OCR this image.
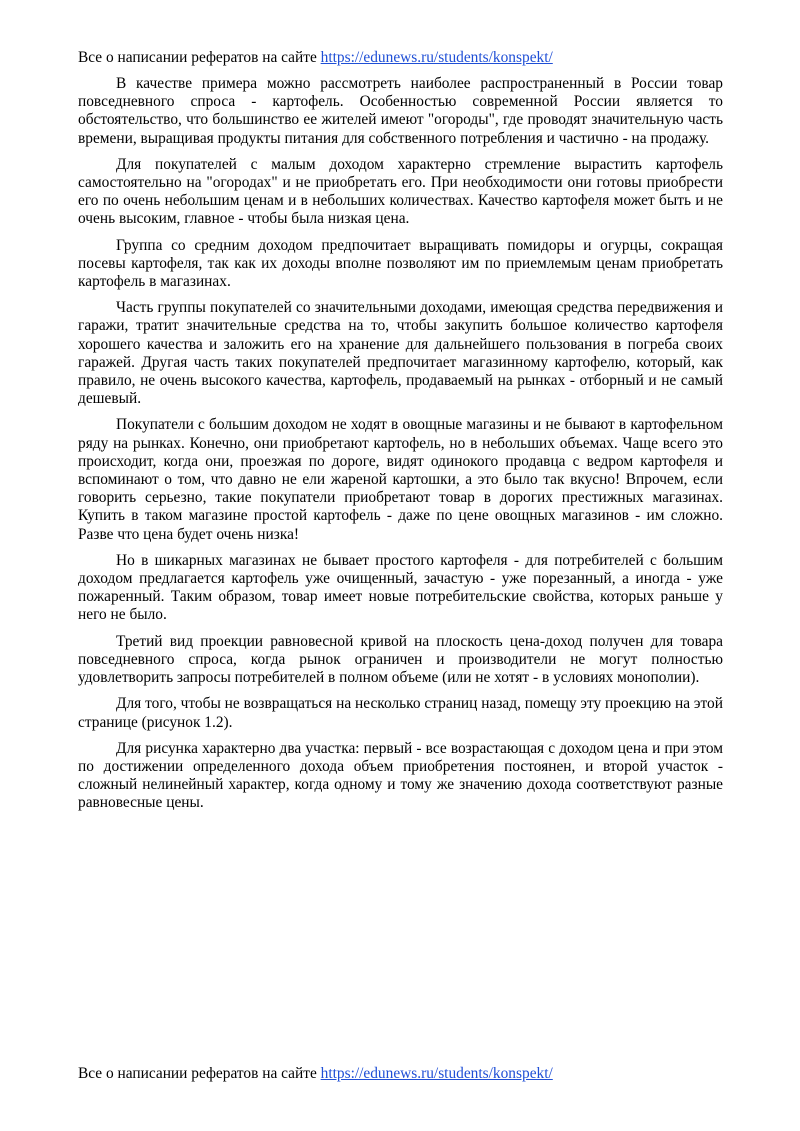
Все о написании рефератов на сайте https://edunews.ru/students/konspekt/

В качестве примера можно рассмотреть наиболее распространенный в России товар повседневного спроса - картофель. Особенностью современной России является то обстоятельство, что большинство ее жителей имеют "огороды", где проводят значительную часть времени, выращивая продукты питания для собственного потребления и частично - на продажу.

Для покупателей с малым доходом характерно стремление вырастить картофель самостоятельно на "огородах" и не приобретать его. При необходимости они готовы приобрести его по очень небольшим ценам и в небольших количествах. Качество картофеля может быть и не очень высоким, главное - чтобы была низкая цена.

Группа со средним доходом предпочитает выращивать помидоры и огурцы, сокращая посевы картофеля, так как их доходы вполне позволяют им по приемлемым ценам приобретать картофель в магазинах.

Часть группы покупателей со значительными доходами, имеющая средства передвижения и гаражи, тратит значительные средства на то, чтобы закупить большое количество картофеля хорошего качества и заложить его на хранение для дальнейшего пользования в погреба своих гаражей. Другая часть таких покупателей предпочитает магазинному картофелю, который, как правило, не очень высокого качества, картофель, продаваемый на рынках - отборный и не самый дешевый.

Покупатели с большим доходом не ходят в овощные магазины и не бывают в картофельном ряду на рынках. Конечно, они приобретают картофель, но в небольших объемах. Чаще всего это происходит, когда они, проезжая по дороге, видят одинокого продавца с ведром картофеля и вспоминают о том, что давно не ели жареной картошки, а это было так вкусно! Впрочем, если говорить серьезно, такие покупатели приобретают товар в дорогих престижных магазинах. Купить в таком магазине простой картофель - даже по цене овощных магазинов - им сложно. Разве что цена будет очень низка!

Но в шикарных магазинах не бывает простого картофеля - для потребителей с большим доходом предлагается картофель уже очищенный, зачастую - уже порезанный, а иногда - уже пожаренный. Таким образом, товар имеет новые потребительские свойства, которых раньше у него не было.

Третий вид проекции равновесной кривой на плоскость цена-доход получен для товара повседневного спроса, когда рынок ограничен и производители не могут полностью удовлетворить запросы потребителей в полном объеме (или не хотят - в условиях монополии).

Для того, чтобы не возвращаться на несколько страниц назад, помещу эту проекцию на этой странице (рисунок 1.2).

Для рисунка характерно два участка: первый - все возрастающая с доходом цена и при этом по достижении определенного дохода объем приобретения постоянен, и второй участок - сложный нелинейный характер, когда одному и тому же значению дохода соответствуют разные равновесные цены.

Все о написании рефератов на сайте https://edunews.ru/students/konspekt/
